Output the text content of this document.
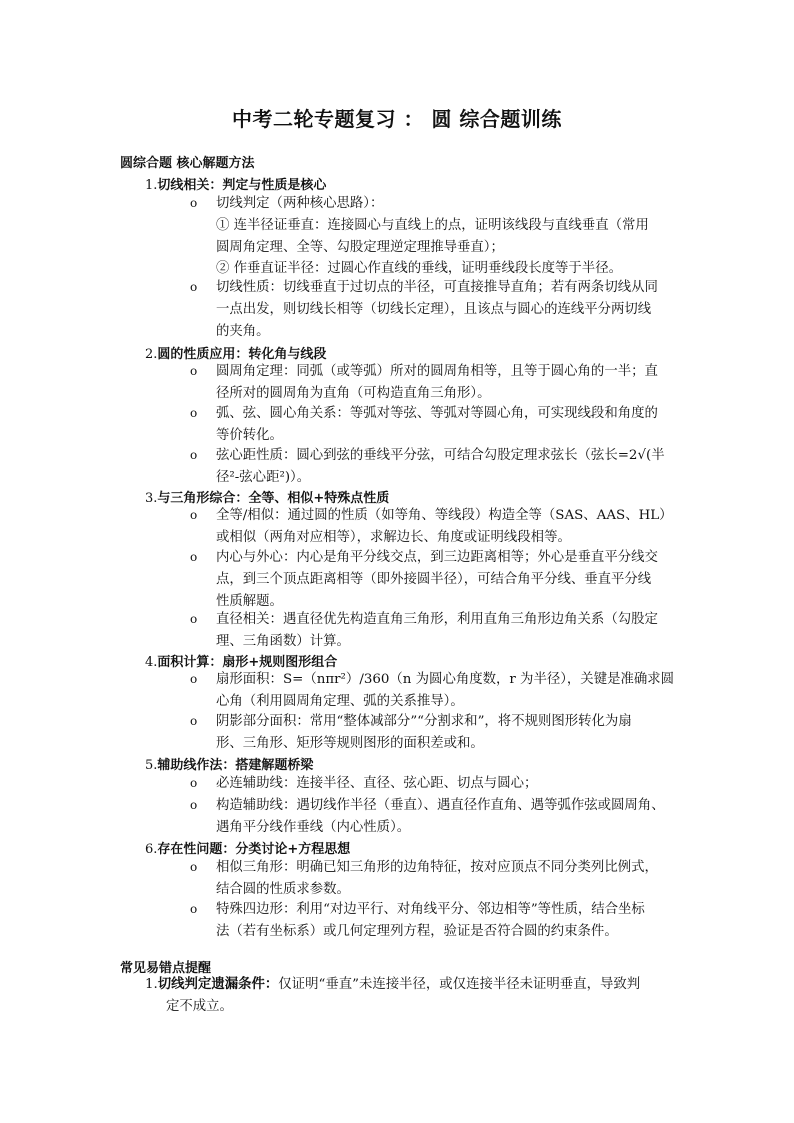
中考二轮专题复习 ： 圆 综合题训练
圆综合题 核心解题方法
1.切线相关：判定与性质是核心
o 切线判定（两种核心思路）：
① 连半径证垂直：连接圆心与直线上的点，证明该线段与直线垂直（常用
圆周角定理、全等、勾股定理逆定理推导垂直）；
② 作垂直证半径：过圆心作直线的垂线，证明垂线段长度等于半径。
o 切线性质：切线垂直于过切点的半径，可直接推导直角；若有两条切线从同
一点出发，则切线长相等（切线长定理），且该点与圆心的连线平分两切线
的夹角。
2.圆的性质应用：转化角与线段
o 圆周角定理：同弧（或等弧）所对的圆周角相等，且等于圆心角的一半；直
径所对的圆周角为直角（可构造直角三角形）。
o 弧、弦、圆心角关系：等弧对等弦、等弧对等圆心角，可实现线段和角度的
等价转化。
o 弦心距性质：圆心到弦的垂线平分弦，可结合勾股定理求弦长（弦长=2√(半
径²-弦心距²)）。
3.与三角形综合：全等、相似+特殊点性质
o 全等/相似：通过圆的性质（如等角、等线段）构造全等（SAS、AAS、HL）
或相似（两角对应相等），求解边长、角度或证明线段相等。
o 内心与外心：内心是角平分线交点，到三边距离相等；外心是垂直平分线交
点，到三个顶点距离相等（即外接圆半径），可结合角平分线、垂直平分线
性质解题。
o 直径相关：遇直径优先构造直角三角形，利用直角三角形边角关系（勾股定
理、三角函数）计算。
4.面积计算：扇形+规则图形组合
o 扇形面积：S=（nπr²）/360（n 为圆心角度数，r 为半径），关键是准确求圆
心角（利用圆周角定理、弧的关系推导）。
o 阴影部分面积：常用“整体减部分”“分割求和”，将不规则图形转化为扇
形、三角形、矩形等规则图形的面积差或和。
5.辅助线作法：搭建解题桥梁
o 必连辅助线：连接半径、直径、弦心距、切点与圆心；
o 构造辅助线：遇切线作半径（垂直）、遇直径作直角、遇等弧作弦或圆周角、
遇角平分线作垂线（内心性质）。
6.存在性问题：分类讨论+方程思想
o 相似三角形：明确已知三角形的边角特征，按对应顶点不同分类列比例式，
结合圆的性质求参数。
o 特殊四边形：利用“对边平行、对角线平分、邻边相等”等性质，结合坐标
法（若有坐标系）或几何定理列方程，验证是否符合圆的约束条件。
常见易错点提醒
1.切线判定遗漏条件：仅证明“垂直”未连接半径，或仅连接半径未证明垂直，导致判
定不成立。
